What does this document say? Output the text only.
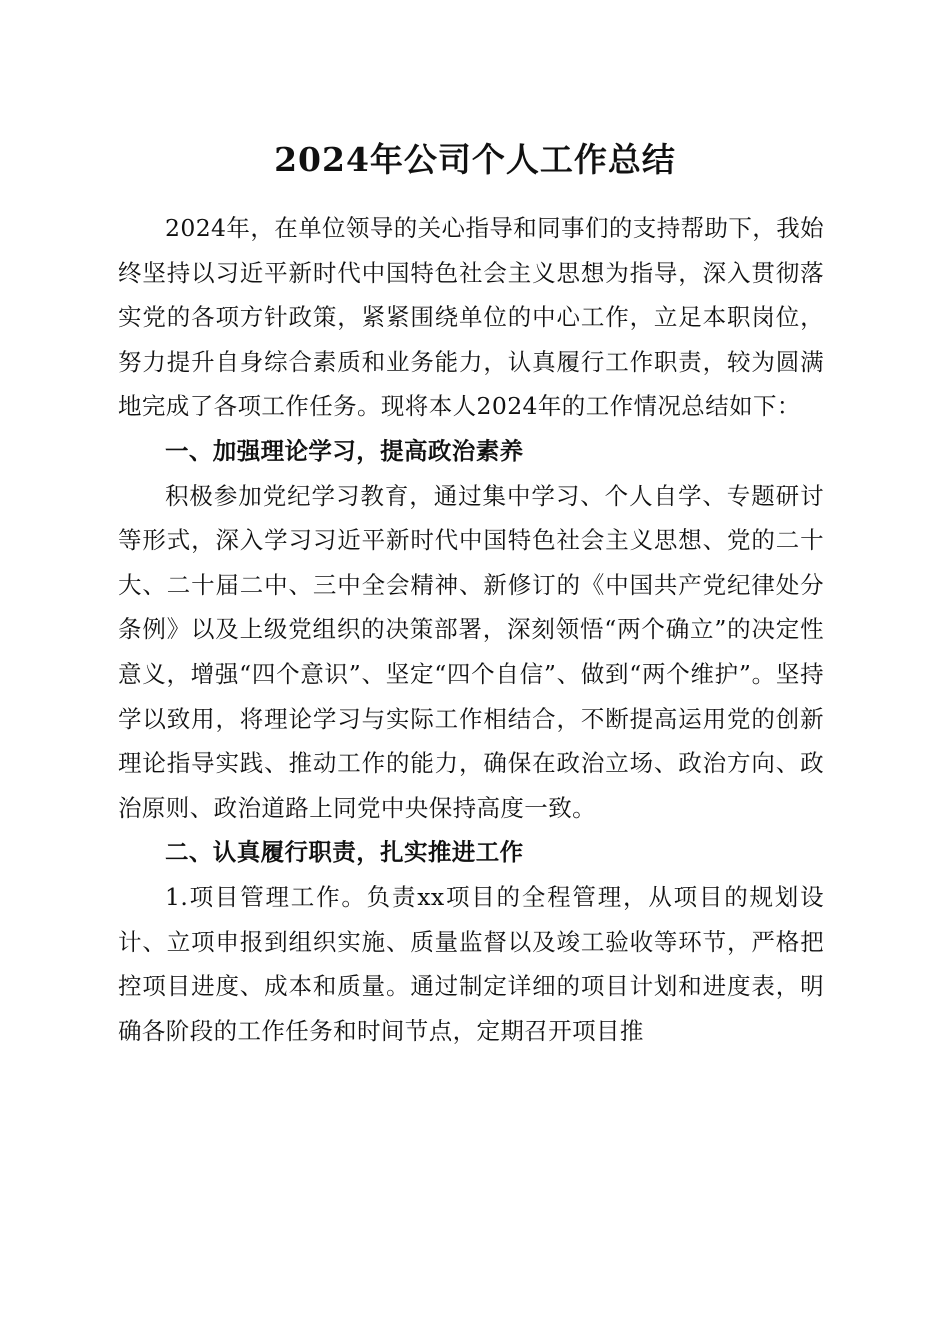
2024年公司个人工作总结

2024年，在单位领导的关心指导和同事们的支持帮助下，我始终坚持以习近平新时代中国特色社会主义思想为指导，深入贯彻落实党的各项方针政策，紧紧围绕单位的中心工作，立足本职岗位，努力提升自身综合素质和业务能力，认真履行工作职责，较为圆满地完成了各项工作任务。现将本人2024年的工作情况总结如下：

一、加强理论学习，提高政治素养

积极参加党纪学习教育，通过集中学习、个人自学、专题研讨等形式，深入学习习近平新时代中国特色社会主义思想、党的二十大、二十届二中、三中全会精神、新修订的《中国共产党纪律处分条例》以及上级党组织的决策部署，深刻领悟“两个确立”的决定性意义，增强“四个意识”、坚定“四个自信”、做到“两个维护”。坚持学以致用，将理论学习与实际工作相结合，不断提高运用党的创新理论指导实践、推动工作的能力，确保在政治立场、政治方向、政治原则、政治道路上同党中央保持高度一致。

二、认真履行职责，扎实推进工作

1.项目管理工作。负责xx项目的全程管理，从项目的规划设计、立项申报到组织实施、质量监督以及竣工验收等环节，严格把控项目进度、成本和质量。通过制定详细的项目计划和进度表，明确各阶段的工作任务和时间节点，定期召开项目推
